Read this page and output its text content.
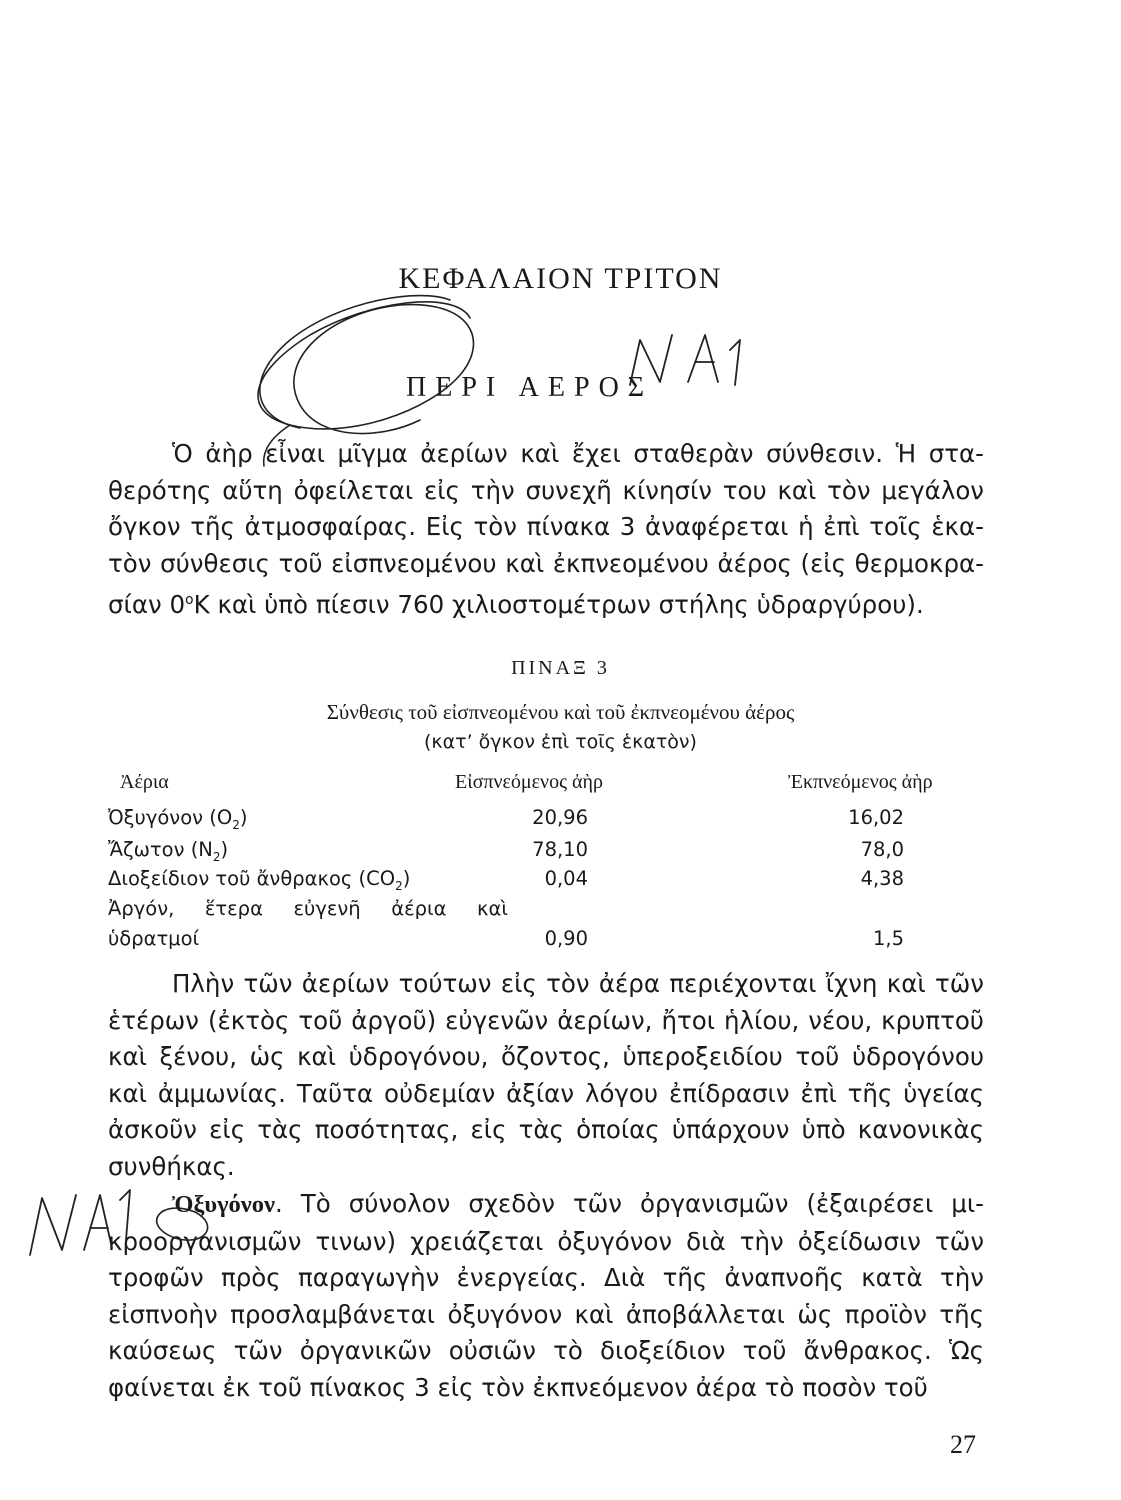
ΚΕΦΑΛΑΙΟΝ ΤΡΙΤΟΝ
ΠΕΡΙ ΑΕΡΟΣ
Ὁ ἀὴρ εἶναι μῖγμα ἀερίων καὶ ἔχει σταθερὰν σύνθεσιν. Ἡ σταθερότης αὕτη ὀφείλεται εἰς τὴν συνεχῆ κίνησίν του καὶ τὸν μεγάλον ὄγκον τῆς ἀτμοσφαίρας. Εἰς τὸν πίνακα 3 ἀναφέρεται ἡ ἐπὶ τοῖς ἑκατὸν σύνθεσις τοῦ εἰσπνεομένου καὶ ἐκπνεομένου ἀέρος (εἰς θερμοκρασίαν $0^oK$ καὶ ὑπὸ πίεσιν 760 χιλιοστομέτρων στήλης ὑδραργύρου).
ΠΙΝΑΞ 3
Σύνθεσις τοῦ εἰσπνεομένου καὶ τοῦ ἐκπνεομένου ἀέρος
(κατ’ ὄγκον ἐπὶ τοῖς ἑκατὸν)
Ἀέρια	Εἰσπνεόμενος ἀὴρ	Ἐκπνεόμενος ἀὴρ
Ὀξυγόνον $(O_2)$	20,96	16,02
Ἄζωτον $(N_2)$	78,10	78,0
Διοξείδιον τοῦ ἄνθρακος $(CO_2)$	0,04	4,38
Ἀργόν, ἕτερα εὐγενῆ ἀέρια καὶ
ὑδρατμοί	0,90	1,5
Πλὴν τῶν ἀερίων τούτων εἰς τὸν ἀέρα περιέχονται ἴχνη καὶ τῶν ἑτέρων (ἐκτὸς τοῦ ἀργοῦ) εὐγενῶν ἀερίων, ἤτοι ἡλίου, νέου, κρυπτοῦ καὶ ξένου, ὡς καὶ ὑδρογόνου, ὄζοντος, ὑπεροξειδίου τοῦ ὑδρογόνου καὶ ἀμμωνίας. Ταῦτα οὐδεμίαν ἀξίαν λόγου ἐπίδρασιν ἐπὶ τῆς ὑγείας ἀσκοῦν εἰς τὰς ποσότητας, εἰς τὰς ὁποίας ὑπάρχουν ὑπὸ κανονικὰς συνθήκας.
Ὀξυγόνον. Τὸ σύνολον σχεδὸν τῶν ὀργανισμῶν (ἐξαιρέσει μικροοργανισμῶν τινων) χρειάζεται ὀξυγόνον διὰ τὴν ὀξείδωσιν τῶν τροφῶν πρὸς παραγωγὴν ἐνεργείας. Διὰ τῆς ἀναπνοῆς κατὰ τὴν εἰσπνοὴν προσλαμβάνεται ὀξυγόνον καὶ ἀποβάλλεται ὡς προϊὸν τῆς καύσεως τῶν ὀργανικῶν οὐσιῶν τὸ διοξείδιον τοῦ ἄνθρακος. Ὡς φαίνεται ἐκ τοῦ πίνακος 3 εἰς τὸν ἐκπνεόμενον ἀέρα τὸ ποσὸν τοῦ
27
